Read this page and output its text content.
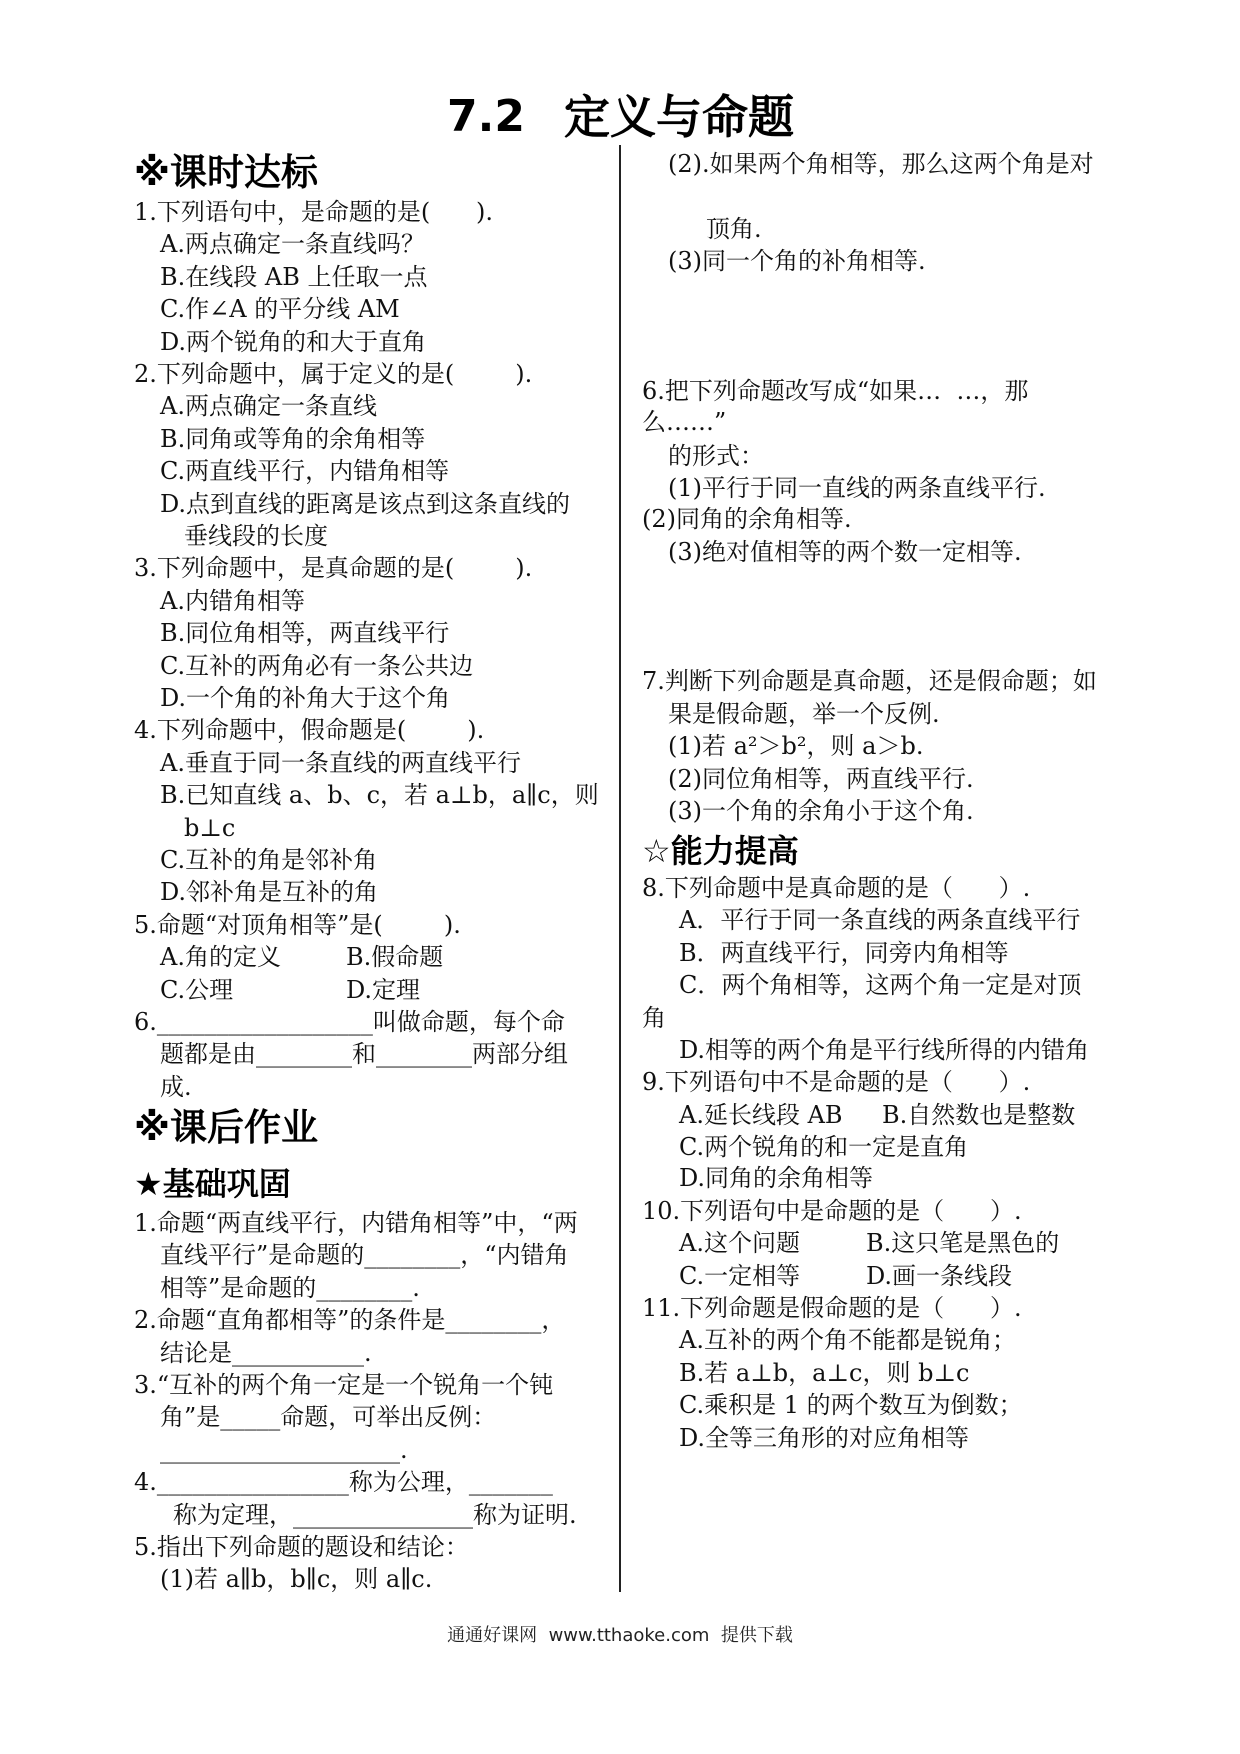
7.2 定义与命题
※课时达标
1.下列语句中，是命题的是(      ).
A.两点确定一条直线吗？
B.在线段 AB 上任取一点
C.作∠A 的平分线 AM
D.两个锐角的和大于直角
2.下列命题中，属于定义的是(        ).
A.两点确定一条直线
B.同角或等角的余角相等
C.两直线平行，内错角相等
D.点到直线的距离是该点到这条直线的
垂线段的长度
3.下列命题中，是真命题的是(        ).
A.内错角相等
B.同位角相等，两直线平行
C.互补的两角必有一条公共边
D.一个角的补角大于这个角
4.下列命题中，假命题是(        ).
A.垂直于同一条直线的两直线平行
B.已知直线 a、b、c，若 a⊥b，a∥c，则
b⊥c
C.互补的角是邻补角
D.邻补角是互补的角
5.命题“对顶角相等”是(        ).
A.角的定义	B.假命题
C.公理	D.定理
6.__________________叫做命题，每个命
题都是由________和________两部分组
成.
※课后作业
★基础巩固
1.命题“两直线平行，内错角相等”中，“两
直线平行”是命题的________，“内错角
相等”是命题的________.
2.命题“直角都相等”的条件是________，
结论是___________.
3.“互补的两个角一定是一个锐角一个钝
角”是_____命题，可举出反例：
____________________.
4.________________称为公理，_______
称为定理，_______________称为证明.
5.指出下列命题的题设和结论：
(1)若 a∥b，b∥c，则 a∥c.
(2).如果两个角相等，那么这两个角是对
顶角.
(3)同一个角的补角相等.
6.把下列命题改写成“如果…  …，那
么……”
的形式：
(1)平行于同一直线的两条直线平行.
(2)同角的余角相等.
(3)绝对值相等的两个数一定相等.
7.判断下列命题是真命题，还是假命题；如
果是假命题，举一个反例.
(1)若 a²＞b²，则 a＞b.
(2)同位角相等，两直线平行.
(3)一个角的余角小于这个角.
☆能力提高
8.下列命题中是真命题的是（      ）.
A．平行于同一条直线的两条直线平行
B．两直线平行，同旁内角相等
C．两个角相等，这两个角一定是对顶
角
D.相等的两个角是平行线所得的内错角
9.下列语句中不是命题的是（      ）.
A.延长线段 AB B.自然数也是整数
C.两个锐角的和一定是直角
D.同角的余角相等
10.下列语句中是命题的是（      ）.
A.这个问题	B.这只笔是黑色的
C.一定相等	D.画一条线段
11.下列命题是假命题的是（      ）.
A.互补的两个角不能都是锐角；
B.若 a⊥b，a⊥c，则 b⊥c
C.乘积是 1 的两个数互为倒数；
D.全等三角形的对应角相等
通通好课网  www.tthaoke.com  提供下载
